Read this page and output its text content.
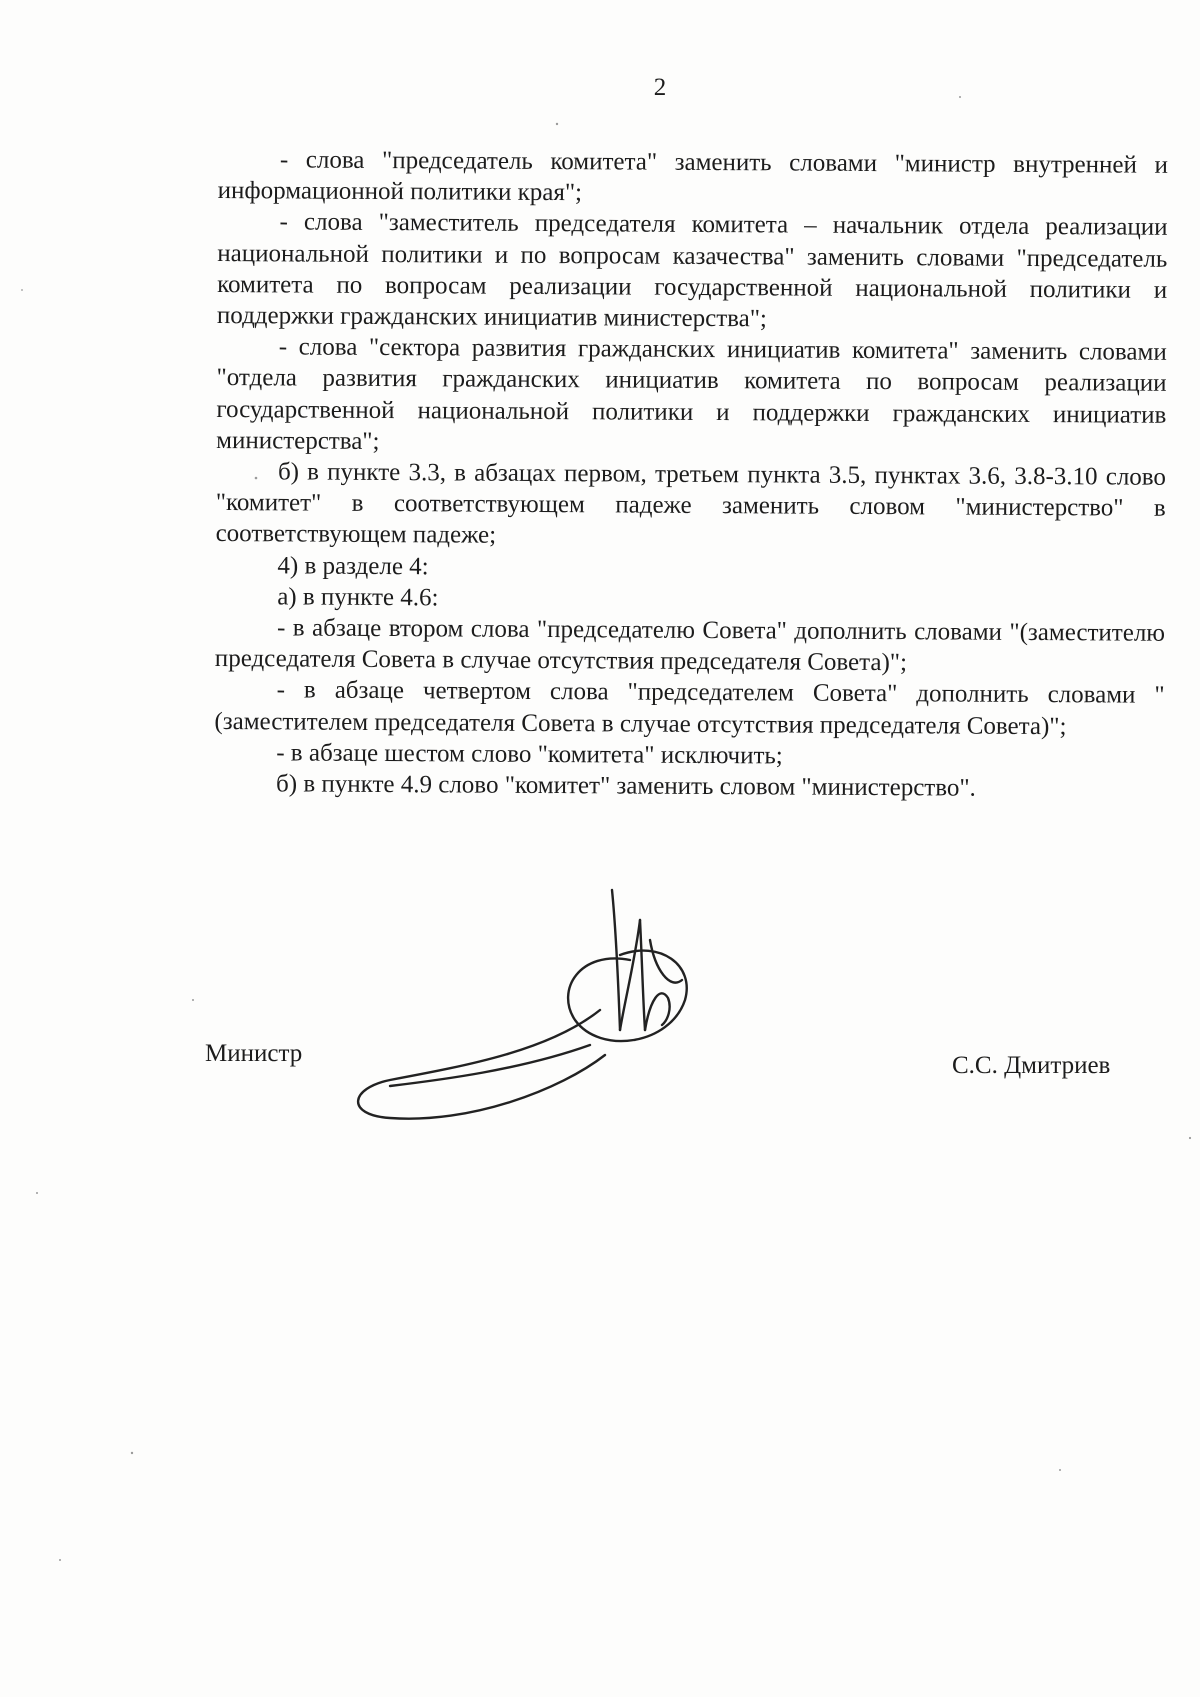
2

- слова "председатель комитета" заменить словами "министр внутренней и информационной политики края";

- слова "заместитель председателя комитета – начальник отдела реализации национальной политики и по вопросам казачества" заменить словами "председатель комитета по вопросам реализации государственной национальной политики и поддержки гражданских инициатив министерства";

- слова "сектора развития гражданских инициатив комитета" заменить словами "отдела развития гражданских инициатив комитета по вопросам реализации государственной национальной политики и поддержки гражданских инициатив министерства";

б) в пункте 3.3, в абзацах первом, третьем пункта 3.5, пунктах 3.6, 3.8-3.10 слово "комитет" в соответствующем падеже заменить словом "министерство" в соответствующем падеже;

4) в разделе 4:

а) в пункте 4.6:

- в абзаце втором слова "председателю Совета" дополнить словами "(заместителю председателя Совета в случае отсутствия председателя Совета)";

- в абзаце четвертом слова "председателем Совета" дополнить словами "(заместителем председателя Совета в случае отсутствия председателя Совета)";

- в абзаце шестом слово "комитета" исключить;

б) в пункте 4.9 слово "комитет" заменить словом "министерство".

Министр	С.С. Дмитриев
